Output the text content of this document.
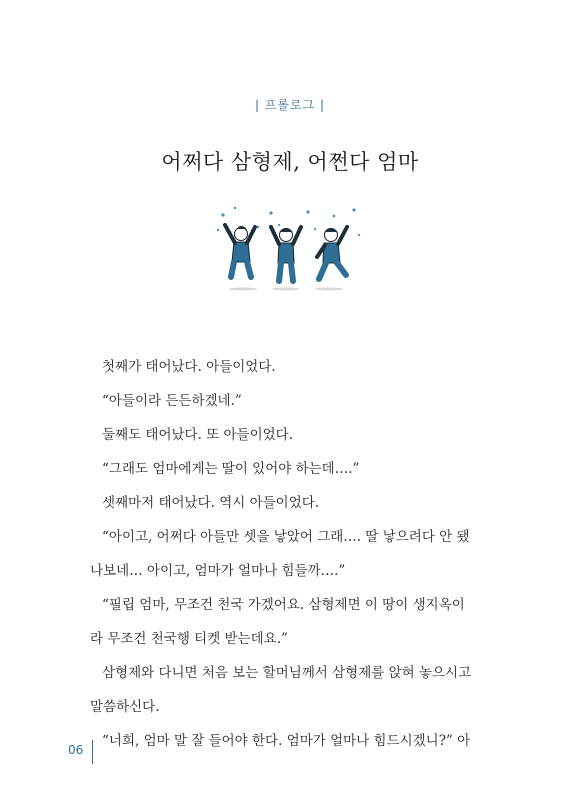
| 프롤로그 |
어쩌다 삼형제, 어쩐다 엄마
첫째가 태어났다. 아들이었다.
“아들이라 든든하겠네.”
둘째도 태어났다. 또 아들이었다.
“그래도 엄마에게는 딸이 있어야 하는데….”
셋째마저 태어났다. 역시 아들이었다.
“아이고, 어쩌다 아들만 셋을 낳았어 그래…. 딸 낳으려다 안 됐
나보네… 아이고, 엄마가 얼마나 힘들까….”
“필립 엄마, 무조건 천국 가겠어요. 삼형제면 이 땅이 생지옥이
라 무조건 천국행 티켓 받는데요.”
삼형제와 다니면 처음 보는 할머님께서 삼형제를 앉혀 놓으시고
말씀하신다.
“너희, 엄마 말 잘 들어야 한다. 엄마가 얼마나 힘드시겠니?” 아
06
